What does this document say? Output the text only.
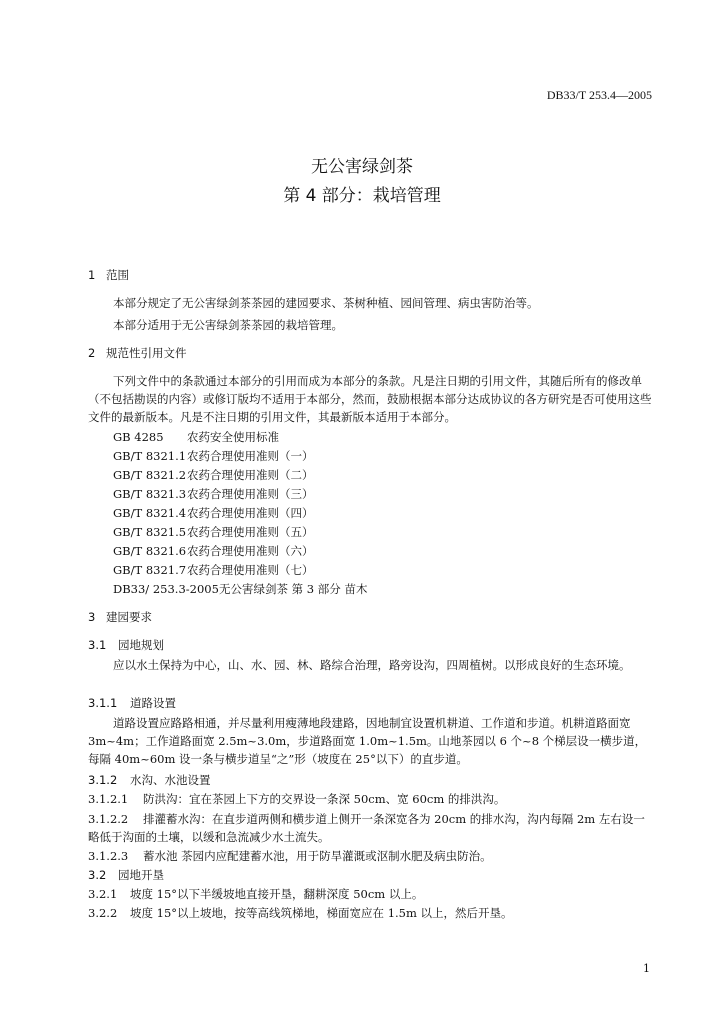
DB33/T 253.4—2005
无公害绿剑茶
第 4 部分：栽培管理
1 范围

本部分规定了无公害绿剑茶茶园的建园要求、茶树种植、园间管理、病虫害防治等。

本部分适用于无公害绿剑茶茶园的栽培管理。

2 规范性引用文件

下列文件中的条款通过本部分的引用而成为本部分的条款。凡是注日期的引用文件，其随后所有的修改单（不包括勘误的内容）或修订版均不适用于本部分，然而，鼓励根据本部分达成协议的各方研究是否可使用这些文件的最新版本。凡是不注日期的引用文件，其最新版本适用于本部分。

GB 4285 农药安全使用标准
GB/T 8321.1农药合理使用准则（一）
GB/T 8321.2农药合理使用准则（二）
GB/T 8321.3农药合理使用准则（三）
GB/T 8321.4农药合理使用准则（四）
GB/T 8321.5农药合理使用准则（五）
GB/T 8321.6农药合理使用准则（六）
GB/T 8321.7农药合理使用准则（七）
DB33/ 253.3-2005无公害绿剑茶 第 3 部分 苗木
3 建园要求
3.1 园地规划

应以水土保持为中心，山、水、园、林、路综合治理，路旁设沟，四周植树。以形成良好的生态环境。

3.1.1 道路设置

道路设置应路路相通，并尽量利用瘦薄地段建路，因地制宜设置机耕道、工作道和步道。机耕道路面宽 3m~4m；工作道路面宽 2.5m~3.0m，步道路面宽 1.0m~1.5m。山地茶园以 6 个~8 个梯层设一横步道，每隔 40m~60m 设一条与横步道呈“之”形（坡度在 25°以下）的直步道。

3.1.2 水沟、水池设置
3.1.2.1 防洪沟：宜在茶园上下方的交界设一条深 50cm、宽 60cm 的排洪沟。
3.1.2.2 排灌蓄水沟：在直步道两侧和横步道上侧开一条深宽各为 20cm 的排水沟，沟内每隔 2m 左右设一略低于沟面的土壤，以缓和急流减少水土流失。
3.1.2.3 蓄水池 茶园内应配建蓄水池，用于防旱灌溉或沤制水肥及病虫防治。
3.2 园地开垦
3.2.1 坡度 15°以下半缓坡地直接开垦，翻耕深度 50cm 以上。
3.2.2 坡度 15°以上坡地，按等高线筑梯地，梯面宽应在 1.5m 以上，然后开垦。
1
